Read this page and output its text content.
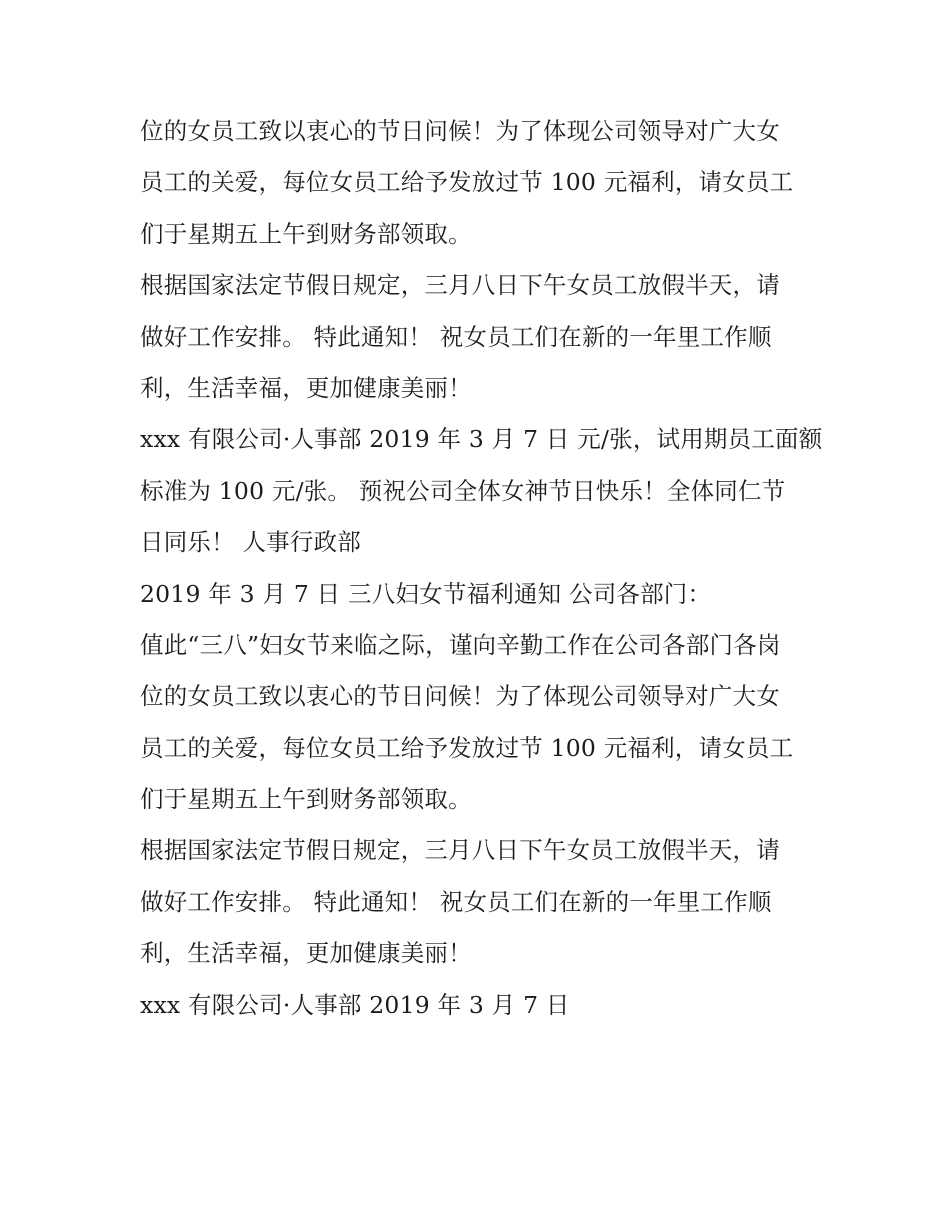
位的女员工致以衷心的节日问候！为了体现公司领导对广大女
员工的关爱，每位女员工给予发放过节 100 元福利，请女员工
们于星期五上午到财务部领取。
根据国家法定节假日规定，三月八日下午女员工放假半天，请
做好工作安排。 特此通知！ 祝女员工们在新的一年里工作顺
利，生活幸福，更加健康美丽！
xxx 有限公司·人事部 2019 年 3 月 7 日 元/张，试用期员工面额
标准为 100 元/张。 预祝公司全体女神节日快乐！全体同仁节
日同乐！ 人事行政部
2019 年 3 月 7 日 三八妇女节福利通知 公司各部门：
值此“三八”妇女节来临之际，谨向辛勤工作在公司各部门各岗
位的女员工致以衷心的节日问候！为了体现公司领导对广大女
员工的关爱，每位女员工给予发放过节 100 元福利，请女员工
们于星期五上午到财务部领取。
根据国家法定节假日规定，三月八日下午女员工放假半天，请
做好工作安排。 特此通知！ 祝女员工们在新的一年里工作顺
利，生活幸福，更加健康美丽！
xxx 有限公司·人事部 2019 年 3 月 7 日
